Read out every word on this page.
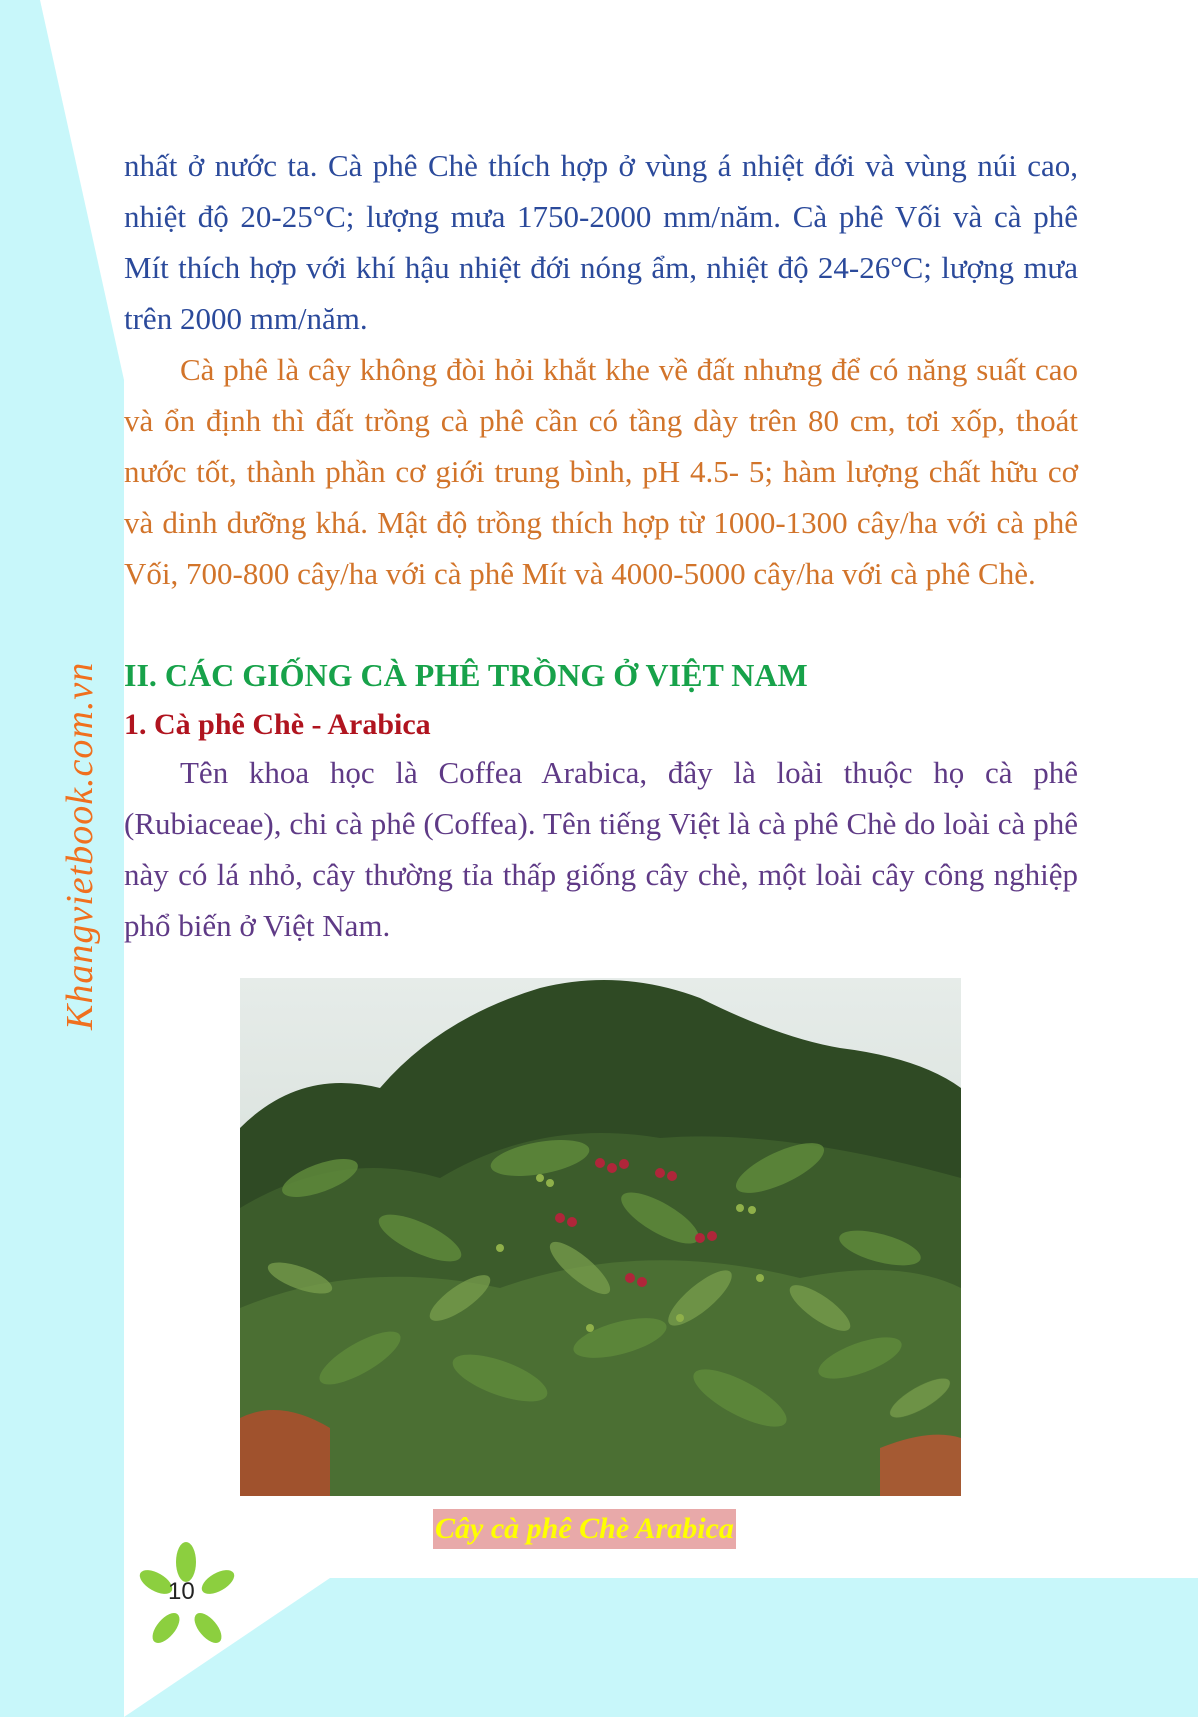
Khangvietbook.com.vn

nhất ở nước ta. Cà phê Chè thích hợp ở vùng á nhiệt đới và vùng núi cao, nhiệt độ 20-25°C; lượng mưa 1750-2000 mm/năm. Cà phê Vối và cà phê Mít thích hợp với khí hậu nhiệt đới nóng ẩm, nhiệt độ 24-26°C; lượng mưa trên 2000 mm/năm.

Cà phê là cây không đòi hỏi khắt khe về đất nhưng để có năng suất cao và ổn định thì đất trồng cà phê cần có tầng dày trên 80 cm, tơi xốp, thoát nước tốt, thành phần cơ giới trung bình, pH 4.5- 5; hàm lượng chất hữu cơ và dinh dưỡng khá. Mật độ trồng thích hợp từ 1000-1300 cây/ha với cà phê Vối, 700-800 cây/ha với cà phê Mít và 4000-5000 cây/ha với cà phê Chè.

II. CÁC GIỐNG CÀ PHÊ TRỒNG Ở VIỆT NAM
1. Cà phê Chè - Arabica

Tên khoa học là Coffea Arabica, đây là loài thuộc họ cà phê (Rubiaceae), chi cà phê (Coffea). Tên tiếng Việt là cà phê Chè do loài cà phê này có lá nhỏ, cây thường tỉa thấp giống cây chè, một loài cây công nghiệp phổ biến ở Việt Nam.

Cây cà phê Chè Arabica
10
